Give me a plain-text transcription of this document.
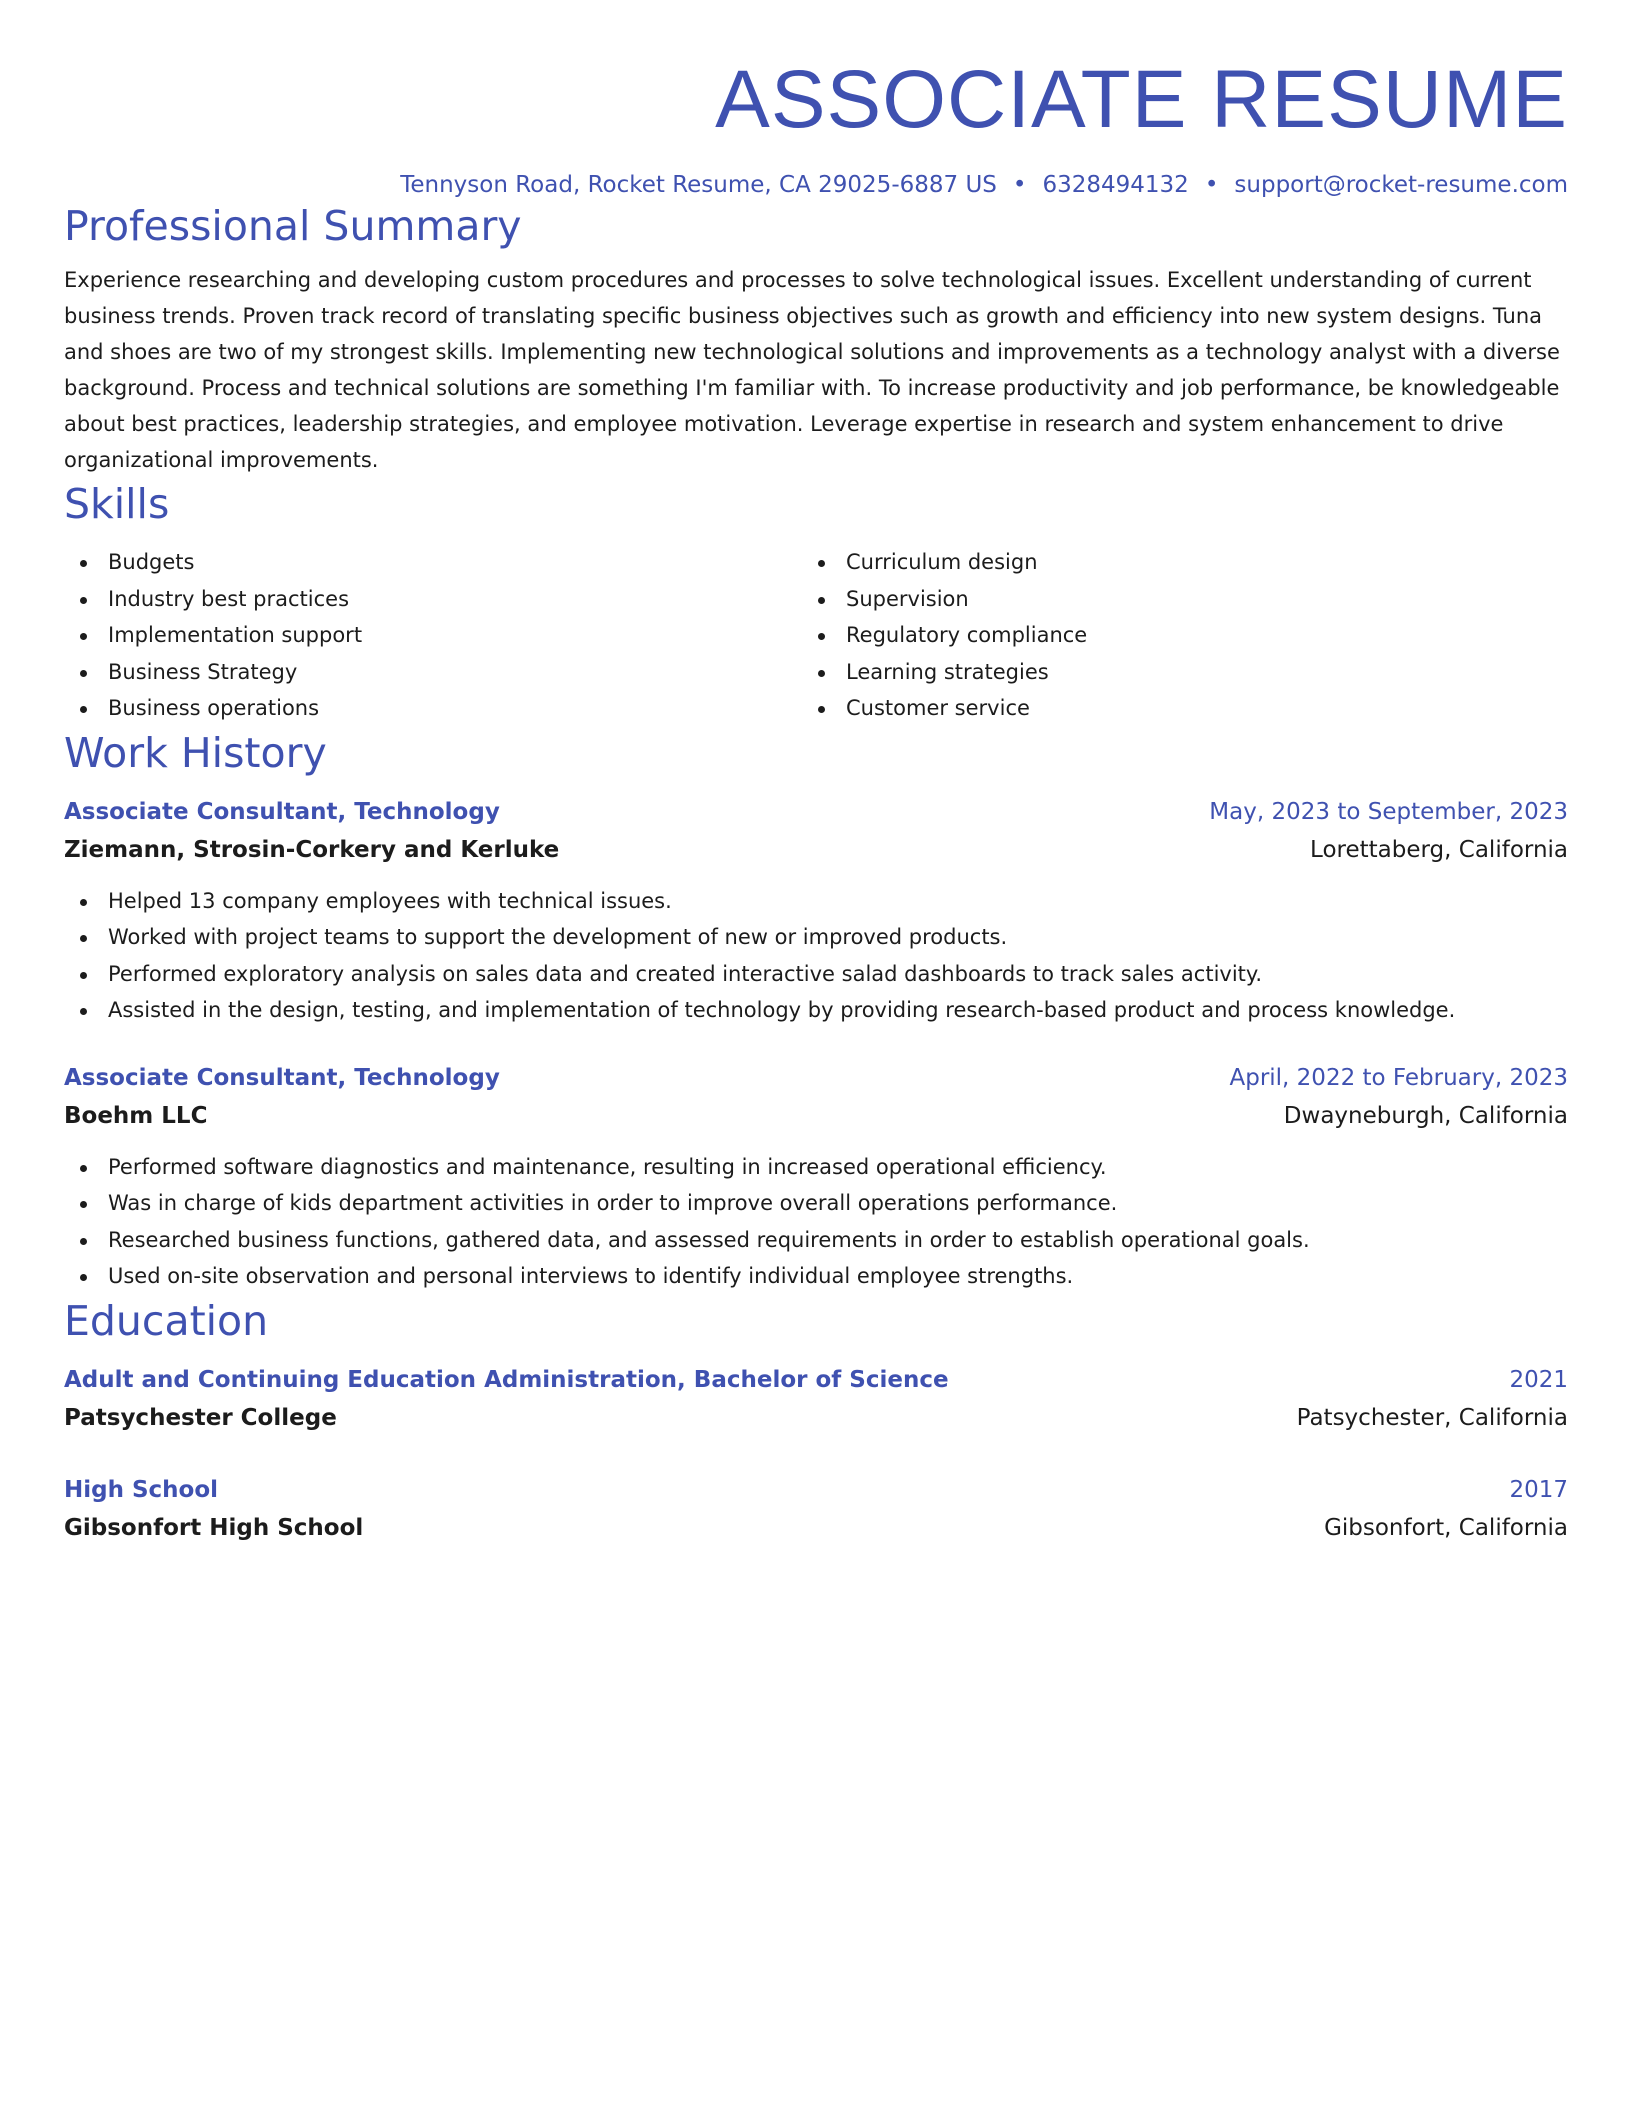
ASSOCIATE RESUME
Tennyson Road, Rocket Resume, CA 29025-6887 US • 6328494132 • support@rocket-resume.com
Professional Summary

Experience researching and developing custom procedures and processes to solve technological issues. Excellent understanding of current business trends. Proven track record of translating specific business objectives such as growth and efficiency into new system designs. Tuna and shoes are two of my strongest skills. Implementing new technological solutions and improvements as a technology analyst with a diverse background. Process and technical solutions are something I'm familiar with. To increase productivity and job performance, be knowledgeable about best practices, leadership strategies, and employee motivation. Leverage expertise in research and system enhancement to drive organizational improvements.

Skills
Budgets
Industry best practices
Implementation support
Business Strategy
Business operations
Curriculum design
Supervision
Regulatory compliance
Learning strategies
Customer service
Work History
Associate Consultant, Technology	May, 2023 to September, 2023
Ziemann, Strosin-Corkery and Kerluke	Lorettaberg, California
Helped 13 company employees with technical issues.
Worked with project teams to support the development of new or improved products.
Performed exploratory analysis on sales data and created interactive salad dashboards to track sales activity.
Assisted in the design, testing, and implementation of technology by providing research-based product and process knowledge.
Associate Consultant, Technology	April, 2022 to February, 2023
Boehm LLC	Dwayneburgh, California
Performed software diagnostics and maintenance, resulting in increased operational efficiency.
Was in charge of kids department activities in order to improve overall operations performance.
Researched business functions, gathered data, and assessed requirements in order to establish operational goals.
Used on-site observation and personal interviews to identify individual employee strengths.
Education
Adult and Continuing Education Administration, Bachelor of Science	2021
Patsychester College	Patsychester, California
High School	2017
Gibsonfort High School	Gibsonfort, California
